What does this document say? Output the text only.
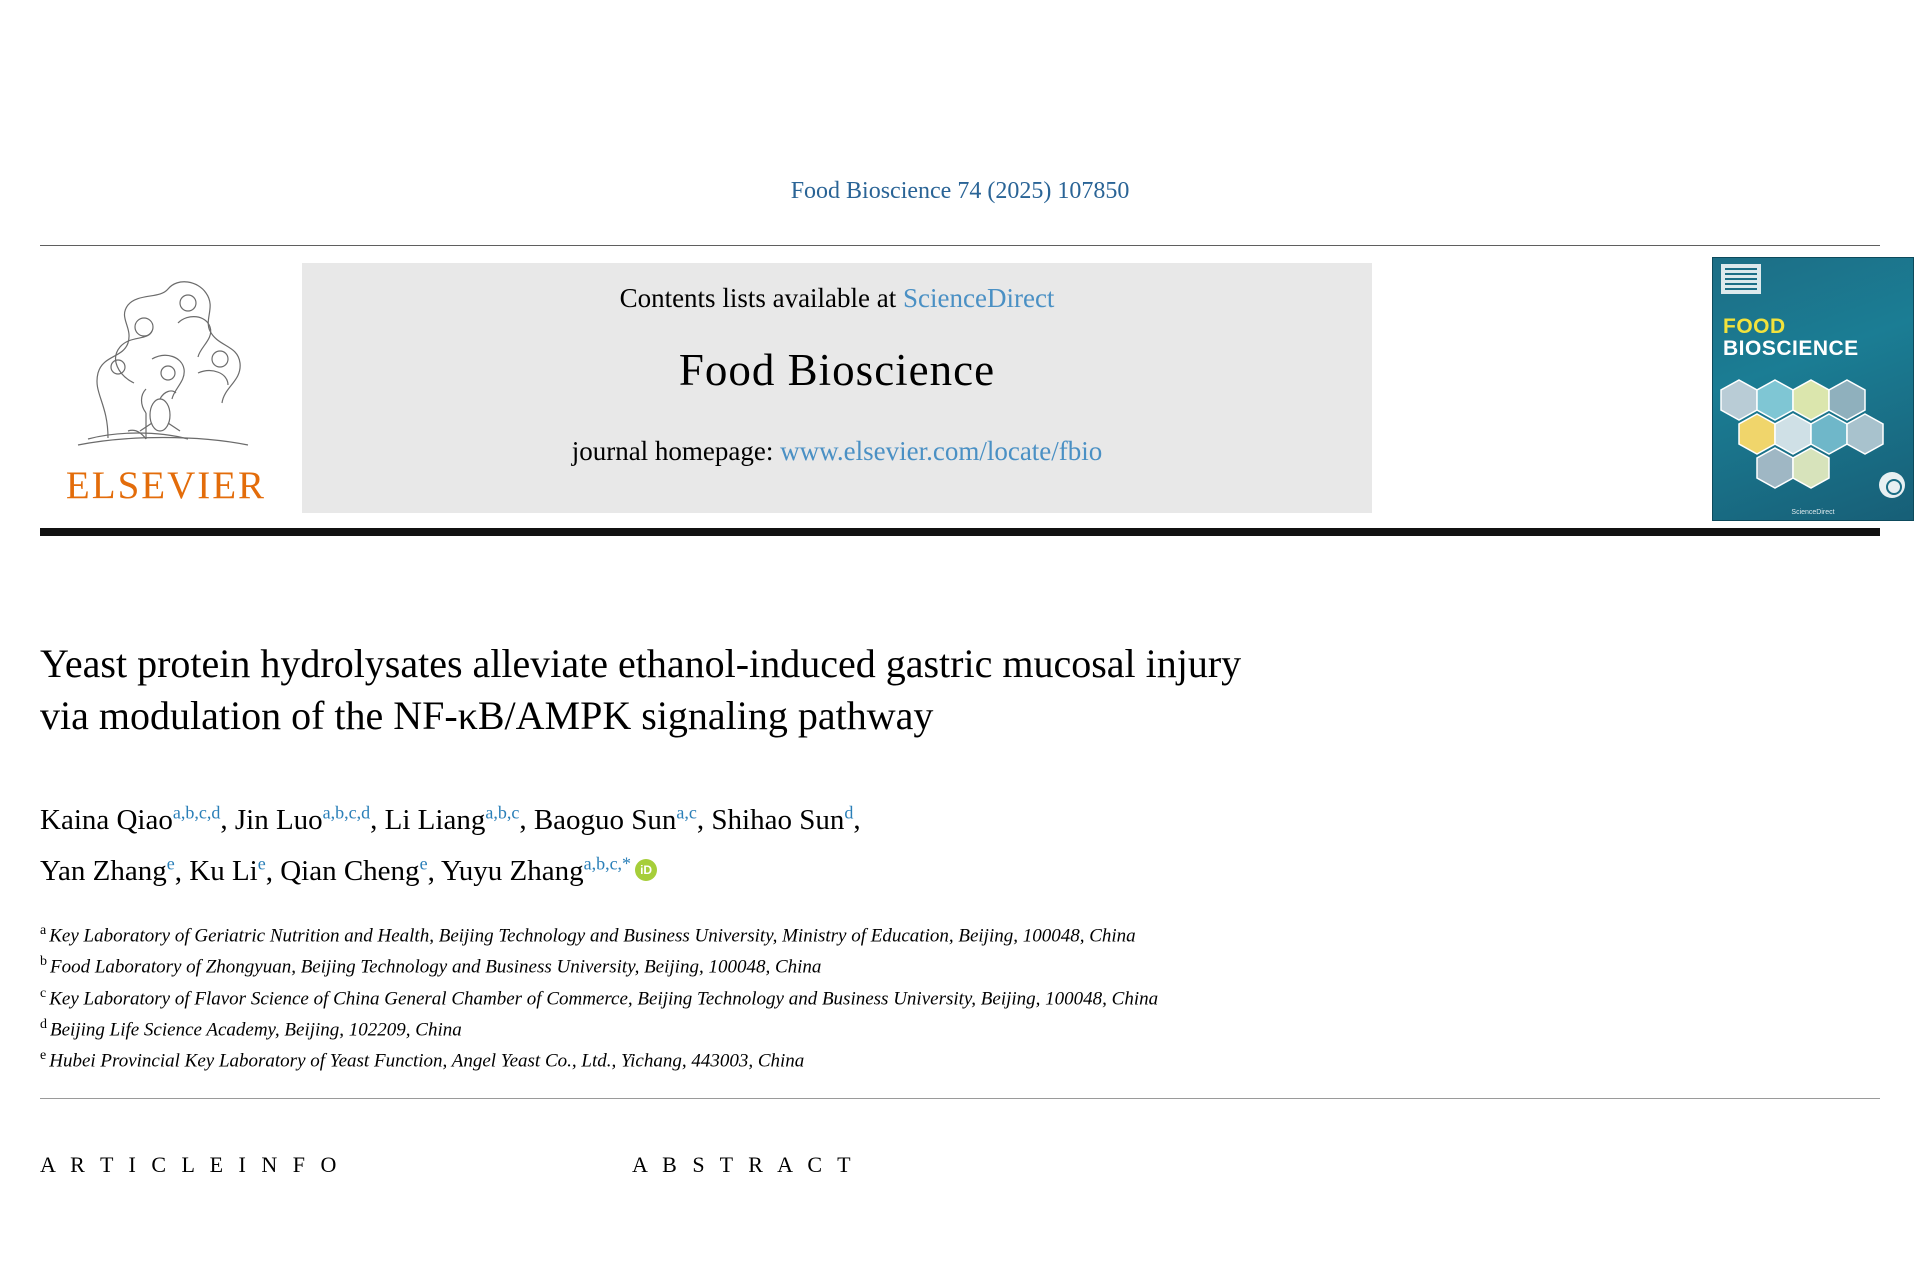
Food Bioscience 74 (2025) 107850
ELSEVIER
Contents lists available at ScienceDirect
Food Bioscience
journal homepage: www.elsevier.com/locate/fbio
FOOD
BIOSCIENCE
ScienceDirect
Yeast protein hydrolysates alleviate ethanol-induced gastric mucosal injury
via modulation of the NF-κB/AMPK signaling pathway
Kaina Qiao$^{a,b,c,d}$, Jin Luo$^{a,b,c,d}$, Li Liang$^{a,b,c}$, Baoguo Sun$^{a,c}$, Shihao Sun$^d$,
Yan Zhang$^e$, Ku Li$^e$, Qian Cheng$^e$, Yuyu Zhang$^{a,b,c,*}$ iD
$^a$ Key Laboratory of Geriatric Nutrition and Health, Beijing Technology and Business University, Ministry of Education, Beijing, 100048, China
$^b$ Food Laboratory of Zhongyuan, Beijing Technology and Business University, Beijing, 100048, China
$^c$ Key Laboratory of Flavor Science of China General Chamber of Commerce, Beijing Technology and Business University, Beijing, 100048, China
$^d$ Beijing Life Science Academy, Beijing, 102209, China
$^e$ Hubei Provincial Key Laboratory of Yeast Function, Angel Yeast Co., Ltd., Yichang, 443003, China
A R T I C L E I N F O	A B S T R A C T
